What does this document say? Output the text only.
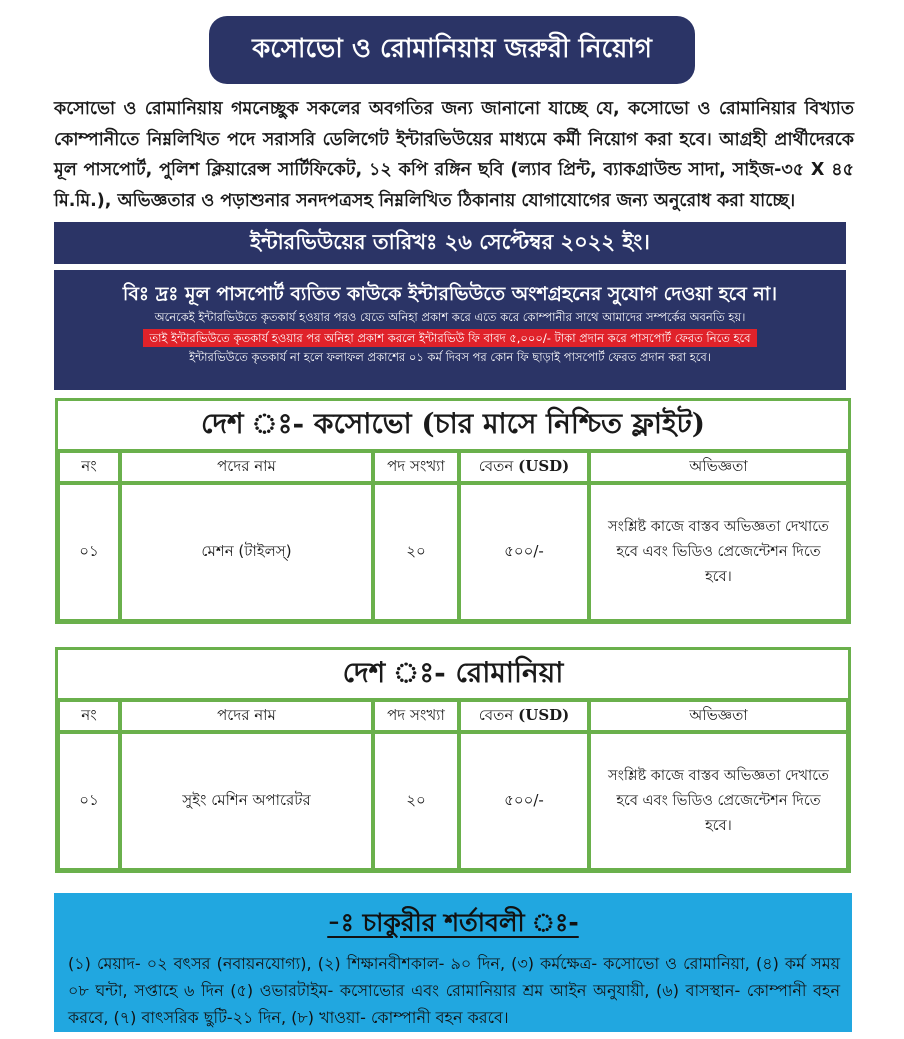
কসোভো ও রোমানিয়ায় জরুরী নিয়োগ

কসোভো ও রোমানিয়ায় গমনেচ্ছুক সকলের অবগতির জন্য জানানো যাচ্ছে যে, কসোভো ও রোমানিয়ার বিখ্যাত কোম্পানীতে নিম্নলিখিত পদে সরাসরি ডেলিগেট ইন্টারভিউয়ের মাধ্যমে কর্মী নিয়োগ করা হবে। আগ্রহী প্রার্থীদেরকে মূল পাসপোর্ট, পুলিশ ক্লিয়ারেন্স সার্টিফিকেট, ১২ কপি রঙ্গিন ছবি (ল্যাব প্রিন্ট, ব্যাকগ্রাউন্ড সাদা, সাইজ-৩৫ X ৪৫ মি.মি.), অভিজ্ঞতার ও পড়াশুনার সনদপত্রসহ নিম্নলিখিত ঠিকানায় যোগাযোগের জন্য অনুরোধ করা যাচ্ছে।

ইন্টারভিউয়ের তারিখঃ ২৬ সেপ্টেম্বর ২০২২ ইং।
বিঃ দ্রঃ মূল পাসপোর্ট ব্যতিত কাউকে ইন্টারভিউতে অংশগ্রহনের সুযোগ দেওয়া হবে না।
অনেকেই ইন্টারভিউতে কৃতকার্য হওয়ার পরও যেতে অনিহা প্রকাশ করে এতে করে কোম্পানীর সাথে আমাদের সম্পর্কের অবনতি হয়।
তাই ইন্টারভিউতে কৃতকার্য হওয়ার পর অনিহা প্রকাশ করলে ইন্টারভিউ ফি বাবদ ৫,০০০/- টাকা প্রদান করে পাসপোর্ট ফেরত নিতে হবে
ইন্টারভিউতে কৃতকার্য না হলে ফলাফল প্রকাশের ০১ কর্ম দিবস পর কোন ফি ছাড়াই পাসপোর্ট ফেরত প্রদান করা হবে।
দেশ ঃ- কসোভো (চার মাসে নিশ্চিত ফ্লাইট)
নং	পদের নাম	পদ সংখ্যা	বেতন (USD)	অভিজ্ঞতা
০১	মেশন (টাইলস্)	২০	৫০০/-	সংশ্লিষ্ট কাজে বাস্তব অভিজ্ঞতা দেখাতে হবে এবং ভিডিও প্রেজেন্টেশন দিতে হবে।
দেশ ঃ- রোমানিয়া
নং	পদের নাম	পদ সংখ্যা	বেতন (USD)	অভিজ্ঞতা
০১	সুইং মেশিন অপারেটর	২০	৫০০/-	সংশ্লিষ্ট কাজে বাস্তব অভিজ্ঞতা দেখাতে হবে এবং ভিডিও প্রেজেন্টেশন দিতে হবে।
-ঃ চাকুরীর শর্তাবলী ঃ-

(১) মেয়াদ- ০২ বৎসর (নবায়নযোগ্য), (২) শিক্ষানবীশকাল- ৯০ দিন, (৩) কর্মক্ষেত্র- কসোভো ও রোমানিয়া, (৪) কর্ম সময় ০৮ ঘন্টা, সপ্তাহে ৬ দিন (৫) ওভারটাইম- কসোভোর এবং রোমানিয়ার শ্রম আইন অনুযায়ী, (৬) বাসস্থান- কোম্পানী বহন করবে, (৭) বাৎসরিক ছুটি-২১ দিন, (৮) খাওয়া- কোম্পানী বহন করবে।
